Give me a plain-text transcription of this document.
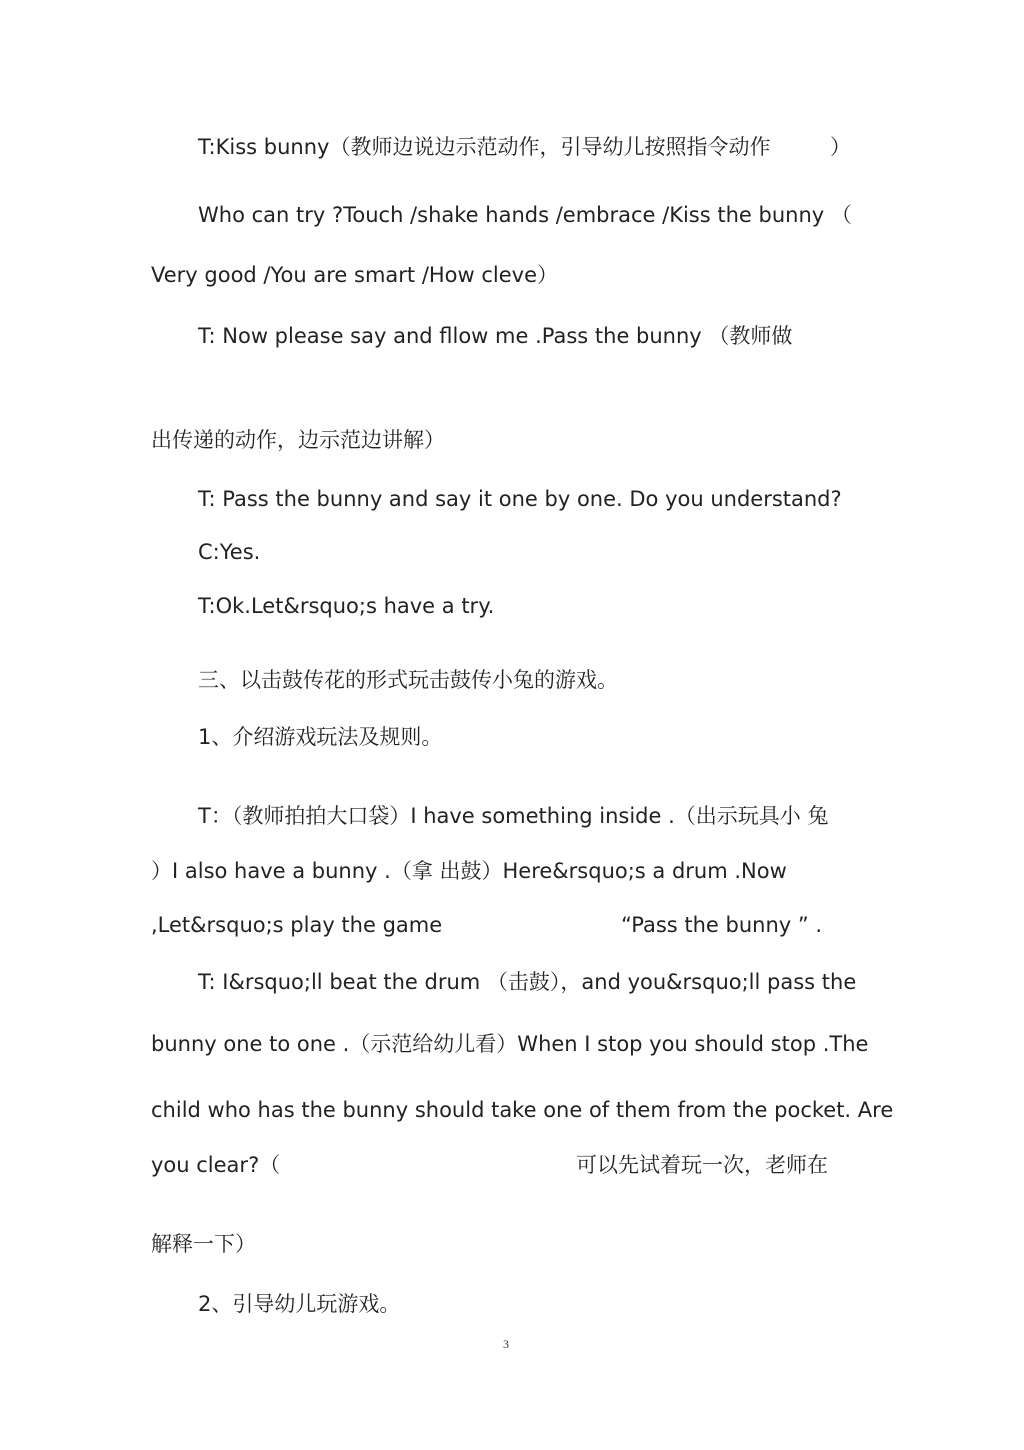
T:Kiss bunny（教师边说边示范动作，引导幼儿按照指令动作	）
Who can try ?Touch /shake hands /embrace /Kiss the bunny （
Very good /You are smart /How cleve）
T: Now please say and fllow me .Pass the bunny （教师做
出传递的动作，边示范边讲解）
T: Pass the bunny and say it one by one. Do you understand?
C:Yes.
T:Ok.Let&rsquo;s have a try.
三、以击鼓传花的形式玩击鼓传小兔的游戏。
1、介绍游戏玩法及规则。
T：（教师拍拍大口袋）I have something inside .（出示玩具小 兔
）I also have a bunny .（拿 出鼓）Here&rsquo;s a drum .Now
,Let&rsquo;s play the game	“Pass the bunny ” .
T: I&rsquo;ll beat the drum （击鼓），and you&rsquo;ll pass the
bunny one to one .（示范给幼儿看）When I stop you should stop .The
child who has the bunny should take one of them from the pocket. Are
you clear?（	可以先试着玩一次，老师在
解释一下）
2、引导幼儿玩游戏。
3
